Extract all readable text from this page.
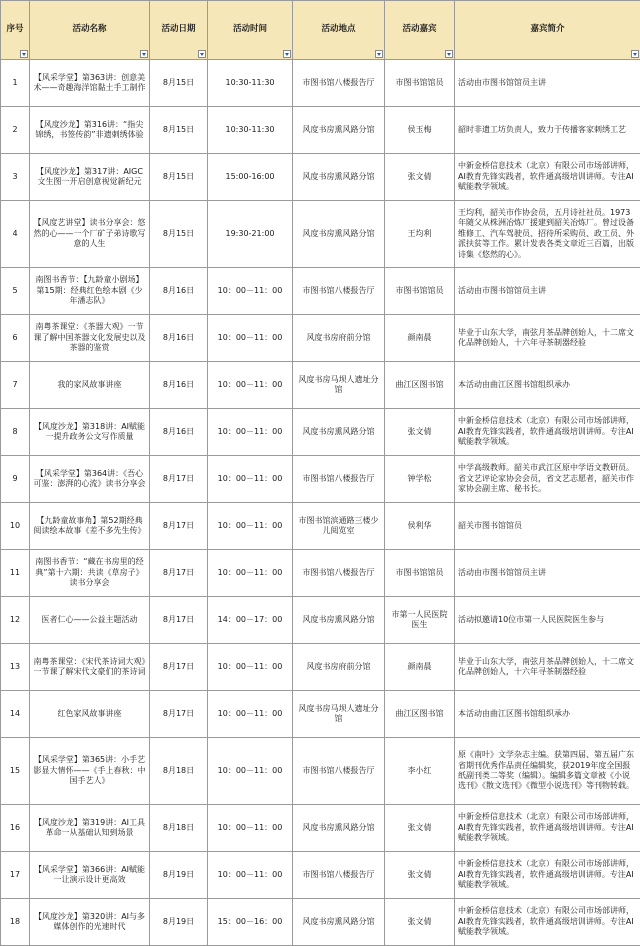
序号	活动名称	活动日期	活动时间	活动地点	活动嘉宾	嘉宾简介

1	【风采学堂】第363讲：创意美术——奇趣海洋馆黏土手工制作	8月15日	10:30-11:30	市图书馆八楼报告厅	市图书馆馆员	活动由市图书馆馆员主讲
2	【风度沙龙】第316讲：“指尖锦绣，书签传韵”非遗刺绣体验	8月15日	10:30-11:30	风度书房熏风路分馆	侯玉梅	韶时非遗工坊负责人，致力于传播客家刺绣工艺
3	【风度沙龙】第317讲：AIGC文生图一开启创意视觉新纪元	8月15日	15:00-16:00	风度书房熏风路分馆	张文倩	中新金桥信息技术（北京）有限公司市场部讲师，AI教育先锋实践者，软件通高级培训讲师。专注AI赋能教学领域。
4	【风度艺讲堂】读书分享会：悠然的心——一个厂矿子弟诗歌写意的人生	8月15日	19:30-21:00	风度书房熏风路分馆	王均利	王均利，韶关市作协会员，五月诗社社员。1973年随父从株洲冶炼厂援建到韶关冶炼厂。曾过设备维修工、汽车驾驶员、招待所采购员、政工员、外派扶贫等工作。累计发表各类文章近三百篇，出版诗集《悠然的心》。
5	南图书香节：【九龄童小剧场】第15期：经典红色绘本剧《少年潘志队》	8月16日	10：00－11：00	市图书馆八楼报告厅	市图书馆馆员	活动由市图书馆馆员主讲
6	南粤茶课堂：《茶器大观》一节课了解中国茶器文化发展史以及茶器的鉴赏	8月16日	10：00－11：00	风度书房府前分馆	颜南晨	毕业于山东大学，南弦月茶品牌创始人，十二席文化品牌创始人，十六年寻茶制器经验
7	我的家风故事讲座	8月16日	10：00－11：00	风度书房马坝人遗址分馆	曲江区图书馆	本活动由曲江区图书馆组织承办
8	【风度沙龙】第318讲：AI赋能一提升政务公文写作质量	8月16日	10：00－11：00	风度书房熏风路分馆	张文倩	中新金桥信息技术（北京）有限公司市场部讲师，AI教育先锋实践者，软件通高级培训讲师。专注AI赋能教学领域。
9	【风采学堂】第364讲：《吾心可鉴：澎湃的心流》读书分享会	8月17日	10：00－11：00	市图书馆八楼报告厅	钟学松	中学高级教师。韶关市武江区原中学语文教研员。省文艺评论家协会会员，省文艺志愿者，韶关市作家协会副主席、秘书长。
10	【九龄童故事角】第52期经典阅读绘本故事《差不多先生传》	8月17日	10：00－11：00	市图书馆滨通路三楼少儿阅览室	侯利华	韶关市图书馆馆员
11	南图书香节：“藏在书房里的经典”第十六期：共读《草房子》读书分享会	8月17日	10：00－11：00	市图书馆八楼报告厅	市图书馆馆员	活动由市图书馆馆员主讲
12	医者仁心——公益主题活动	8月17日	14：00－17：00	风度书房熏风路分馆	市第一人民医院医生	活动拟邀请10位市第一人民医院医生参与
13	南粤茶课堂：《宋代茶诗词大观》一节课了解宋代文豪们的茶诗词	8月17日	10：00－11：00	风度书房府前分馆	颜南晨	毕业于山东大学，南弦月茶品牌创始人，十二席文化品牌创始人，十六年寻茶制器经验
14	红色家风故事讲座	8月17日	10：00－11：00	风度书房马坝人遗址分馆	曲江区图书馆	本活动由曲江区图书馆组织承办
15	【风采学堂】第365讲：小手艺影显大情怀——《手上春秋：中国手艺人》	8月18日	10：00－11：00	市图书馆八楼报告厅	李小红	原《南叶》文学杂志主编。获第四届、第五届广东省期刊优秀作品责任编辑奖，获2019年度全国报纸副刊类二等奖（编辑）。编辑多篇文章被《小说选刊》《散文选刊》《微型小说选刊》等刊物转载。
16	【风度沙龙】第319讲：AI工具革命一从基础认知到场景	8月18日	10：00－11：00	风度书房熏风路分馆	张文倩	中新金桥信息技术（北京）有限公司市场部讲师，AI教育先锋实践者，软件通高级培训讲师。专注AI赋能教学领域。
17	【风采学堂】第366讲：AI赋能一让演示设计更高效	8月19日	10：00－11：00	市图书馆八楼报告厅	张文倩	中新金桥信息技术（北京）有限公司市场部讲师，AI教育先锋实践者，软件通高级培训讲师。专注AI赋能教学领域。
18	【风度沙龙】第320讲：AI与多媒体创作的光速时代	8月19日	15：00－16：00	风度书房熏风路分馆	张文倩	中新金桥信息技术（北京）有限公司市场部讲师，AI教育先锋实践者，软件通高级培训讲师。专注AI赋能教学领域。
